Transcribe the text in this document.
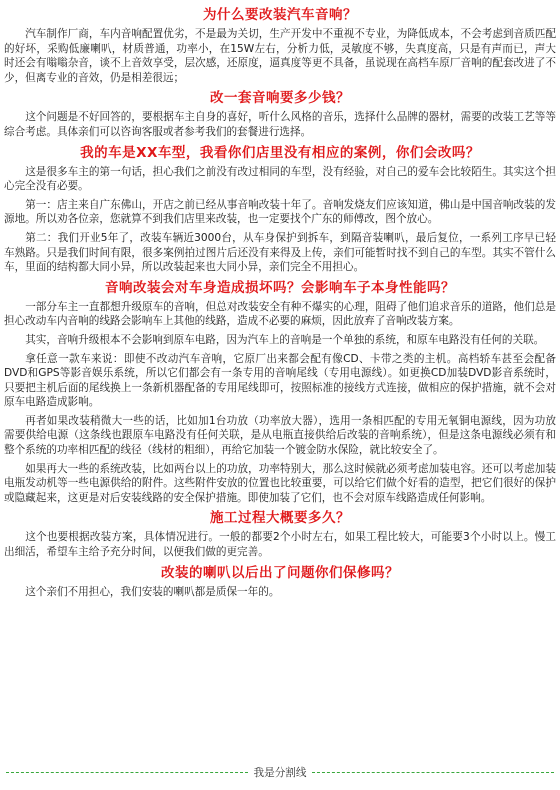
为什么要改装汽车音响？

汽车制作厂商，车内音响配置优劣，不是最为关切，生产开发中不重视不专业，为降低成本，不会考虑到音质匹配的好坏，采购低廉喇叭，材质普通，功率小，在15W左右，分析力低，灵敏度不够，失真度高，只是有声而已，声大时还会有嗡嗡杂音，谈不上音效享受，层次感，还原度，逼真度等更不具备，虽说现在高档车原厂音响的配套改进了不少，但离专业的音效，仍是相差很远；

改一套音响要多少钱？

这个问题是不好回答的，要根据车主自身的喜好，听什么风格的音乐，选择什么品牌的器材，需要的改装工艺等等综合考虑。具体亲们可以咨询客服或者参考我们的套餐进行选择。

我的车是XX车型，我看你们店里没有相应的案例，你们会改吗？

这是很多车主的第一句话，担心我们之前没有改过相同的车型，没有经验，对自己的爱车会比较陌生。其实这个担心完全没有必要。

第一：店主来自广东佛山，开店之前已经从事音响改装十年了。音响发烧友们应该知道，佛山是中国音响改装的发源地。所以劝各位亲，您就算不到我们店里来改装，也一定要找个广东的师傅改，图个放心。

第二：我们开业5年了，改装车辆近3000台，从车身保护到拆车，到隔音装喇叭，最后复位，一系列工序早已轻车熟路。只是我们时间有限，很多案例拍过图片后还没有来得及上传，亲们可能暂时找不到自己的车型。其实不管什么车，里面的结构都大同小异，所以改装起来也大同小异，亲们完全不用担心。

音响改装会对车身造成损坏吗？会影响车子本身性能吗？

一部分车主一直都想升级原车的音响，但总对改装安全有种不爆实的心理，阻碍了他们追求音乐的道路，他们总是担心改动车内音响的线路会影响车上其他的线路，造成不必要的麻烦，因此放弃了音响改装方案。

其实，音响升级根本不会影响到原车电路，因为汽车上的音响是一个单独的系统，和原车电路没有任何的关联。

拿任意一款车来说：即使不改动汽车音响，它原厂出来都会配有像CD、卡带之类的主机。高档轿车甚至会配备DVD和GPS等影音娱乐系统，所以它们都会有一条专用的音响尾线（专用电源线）。如更换CD加装DVD影音系统时，只要把主机后面的尾线换上一条新机器配备的专用尾线即可，按照标准的接线方式连接，做相应的保护措施，就不会对原车电路造成影响。

再者如果改装稍微大一些的话，比如加1台功放（功率放大器），选用一条相匹配的专用无氧铜电源线，因为功放需要供给电源（这条线也跟原车电路没有任何关联，是从电瓶直接供给后改装的音响系统），但是这条电源线必须有和整个系统的功率相匹配的线径（线材的粗细），再给它加装一个镀金防水保险，就比较安全了。

如果再大一些的系统改装，比如两台以上的功放，功率特别大，那么这时候就必须考虑加装电容。还可以考虑加装电瓶发动机等一些电源供给的附件。这些附件安放的位置也比较重要，可以给它们做个好看的造型，把它们很好的保护或隐藏起来，这更是对后安装线路的安全保护措施。即使加装了它们，也不会对原车线路造成任何影响。

施工过程大概要多久？

这个也要根据改装方案，具体情况进行。一般的都要2个小时左右，如果工程比较大，可能要3个小时以上。慢工出细活，希望车主给予充分时间，以便我们做的更完善。

改装的喇叭以后出了问题你们保修吗？

这个亲们不用担心，我们安装的喇叭都是质保一年的。

我是分割线
